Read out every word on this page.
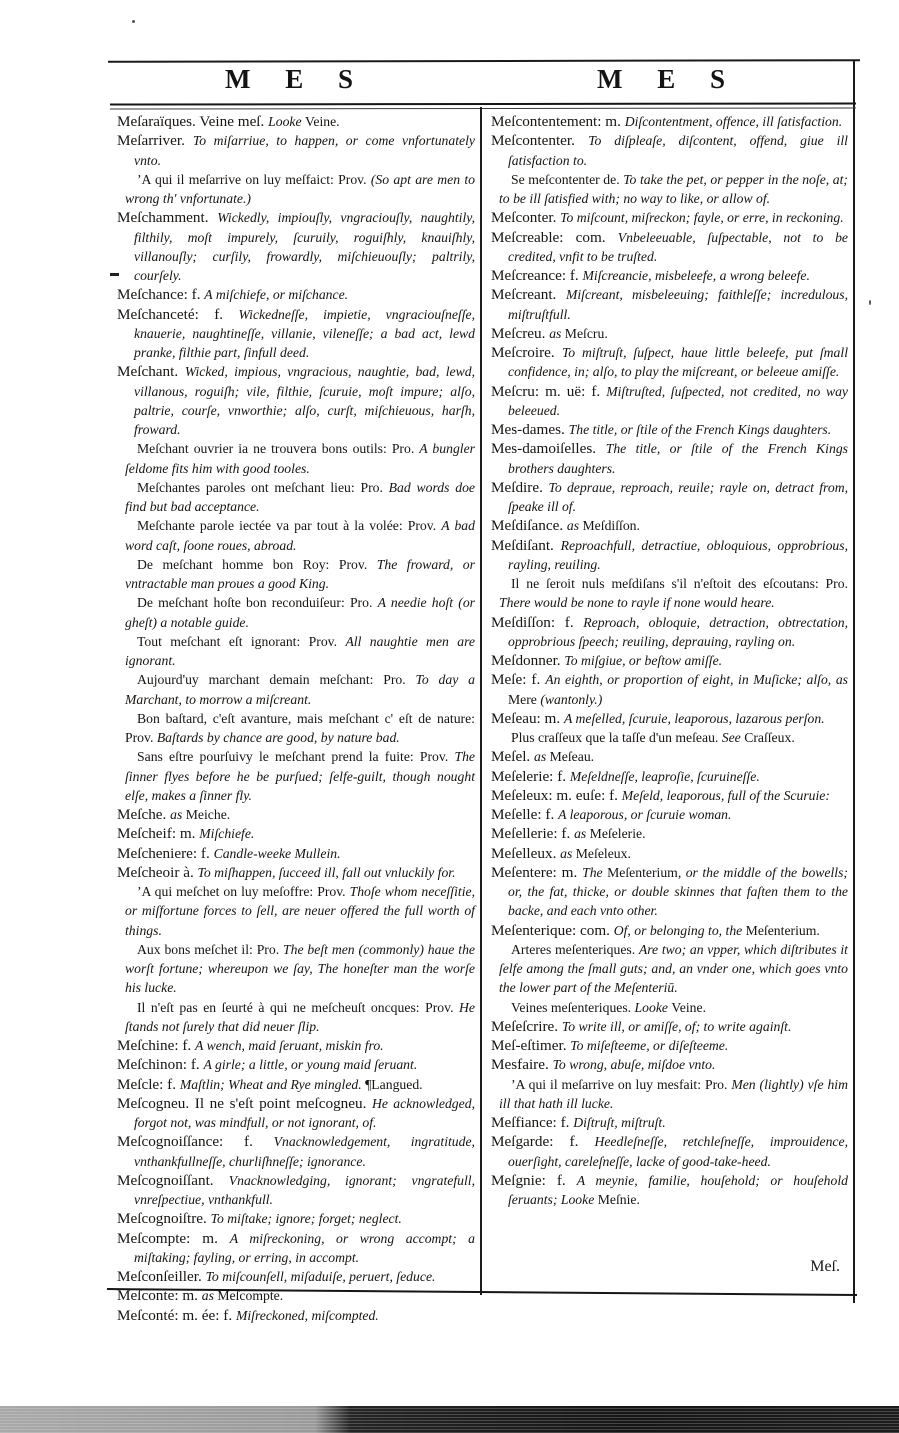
M E S	M E S

Meſaraïques. Veine meſ. Looke Veine.

Meſarriver. To miſarriue, to happen, or come vnfortunately vnto.

ʼA qui il meſarrive on luy meſfaict: Prov. (So apt are men to wrong th' vnfortunate.)

Meſchamment. Wickedly, impiouſly, vngraciouſly, naughtily, filthily, moſt impurely, ſcuruily, roguiſhly, knauiſhly, villanouſly; curſily, frowardly, miſchieuouſly; paltrily, courſely.

Meſchance: f. A miſchiefe, or miſchance.

Meſchanceté: f. Wickedneſſe, impietie, vngraciouſneſſe, knauerie, naughtineſſe, villanie, vileneſſe; a bad act, lewd pranke, filthie part, ſinfull deed.

Meſchant. Wicked, impious, vngracious, naughtie, bad, lewd, villanous, roguiſh; vile, filthie, ſcuruie, moſt impure; alſo, paltrie, courſe, vnworthie; alſo, curſt, miſchieuous, harſh, froward.

Meſchant ouvrier ia ne trouvera bons outils: Pro. A bungler ſeldome fits him with good tooles.

Meſchantes paroles ont meſchant lieu: Pro. Bad words doe find but bad acceptance.

Meſchante parole iectée va par tout à la volée: Prov. A bad word caſt, ſoone roues, abroad.

De meſchant homme bon Roy: Prov. The froward, or vntractable man proues a good King.

De meſchant hoſte bon reconduiſeur: Pro. A needie hoſt (or gheſt) a notable guide.

Tout meſchant eſt ignorant: Prov. All naughtie men are ignorant.

Aujourd'uy marchant demain meſchant: Pro. To day a Marchant, to morrow a miſcreant.

Bon baſtard, c'eſt avanture, mais meſchant c' eſt de nature: Prov. Baſtards by chance are good, by nature bad.

Sans eſtre pourſuivy le meſchant prend la fuite: Prov. The ſinner flyes before he be purſued; ſelfe-guilt, though nought elſe, makes a ſinner fly.

Meſche. as Meiche.

Meſcheif: m. Miſchiefe.

Meſcheniere: f. Candle-weeke Mullein.

Meſcheoir à. To miſhappen, ſucceed ill, fall out vnluckily for.

ʼA qui meſchet on luy meſoffre: Prov. Thoſe whom neceſſitie, or miſfortune forces to ſell, are neuer offered the full worth of things.

Aux bons meſchet il: Pro. The beſt men (commonly) haue the worſt fortune; whereupon we ſay, The honeſter man the worſe his lucke.

Il n'eſt pas en ſeurté à qui ne meſcheuſt oncques: Prov. He ſtands not ſurely that did neuer ſlip.

Meſchine: f. A wench, maid ſeruant, miskin fro.

Meſchinon: f. A girle; a little, or young maid ſeruant.

Meſcle: f. Maſtlin; Wheat and Rye mingled. ¶Langued.

Meſcogneu. Il ne s'eſt point meſcogneu. He acknowledged, forgot not, was mindfull, or not ignorant, of.

Meſcognoiſſance: f. Vnacknowledgement, ingratitude, vnthankfullneſſe, churliſhneſſe; ignorance.

Meſcognoiſſant. Vnacknowledging, ignorant; vngratefull, vnreſpectiue, vnthankfull.

Meſcognoiſtre. To miſtake; ignore; forget; neglect.

Meſcompte: m. A miſreckoning, or wrong accompt; a miſtaking; fayling, or erring, in accompt.

Meſconſeiller. To miſcounſell, miſaduiſe, peruert, ſeduce.

Meſconte: m. as Meſcompte.

Meſconté: m. ée: f. Miſreckoned, miſcompted.

Meſcontentement: m. Diſcontentment, offence, ill ſatisfaction.

Meſcontenter. To diſpleaſe, diſcontent, offend, giue ill ſatisfaction to.

Se meſcontenter de. To take the pet, or pepper in the noſe, at; to be ill ſatisfied with; no way to like, or allow of.

Meſconter. To miſcount, miſreckon; fayle, or erre, in reckoning.

Meſcreable: com. Vnbeleeuable, ſuſpectable, not to be credited, vnfit to be truſted.

Meſcreance: f. Miſcreancie, misbeleefe, a wrong beleefe.

Meſcreant. Miſcreant, misbeleeuing; faithleſſe; incredulous, miſtruſtfull.

Meſcreu. as Meſcru.

Meſcroire. To miſtruſt, ſuſpect, haue little beleefe, put ſmall confidence, in; alſo, to play the miſcreant, or beleeue amiſſe.

Meſcru: m. uë: f. Miſtruſted, ſuſpected, not credited, no way beleeued.

Mes-dames. The title, or ſtile of the French Kings daughters.

Mes-damoiſelles. The title, or ſtile of the French Kings brothers daughters.

Meſdire. To depraue, reproach, reuile; rayle on, detract from, ſpeake ill of.

Meſdiſance. as Meſdiſſon.

Meſdiſant. Reproachfull, detractiue, obloquious, opprobrious, rayling, reuiling.

Il ne ſeroit nuls meſdiſans s'il n'eſtoit des eſcoutans: Pro. There would be none to rayle if none would heare.

Meſdiſſon: f. Reproach, obloquie, detraction, obtrectation, opprobrious ſpeech; reuiling, deprauing, rayling on.

Meſdonner. To miſgiue, or beſtow amiſſe.

Meſe: f. An eighth, or proportion of eight, in Muſicke; alſo, as Mere (wantonly.)

Meſeau: m. A meſelled, ſcuruie, leaporous, lazarous perſon.

Plus craſſeux que la taſſe d'un meſeau. See Craſſeux.

Meſel. as Meſeau.

Meſelerie: f. Meſeldneſſe, leaproſie, ſcuruineſſe.

Meſeleux: m. euſe: f. Meſeld, leaporous, full of the Scuruie:

Meſelle: f. A leaporous, or ſcuruie woman.

Meſellerie: f. as Meſelerie.

Meſelleux. as Meſeleux.

Meſentere: m. The Meſenterium, or the middle of the bowells; or, the fat, thicke, or double skinnes that faſten them to the backe, and each vnto other.

Meſenterique: com. Of, or belonging to, the Meſenterium.

Arteres meſenteriques. Are two; an vpper, which diſtributes it ſelfe among the ſmall guts; and, an vnder one, which goes vnto the lower part of the Meſenteriū.

Veines meſenteriques. Looke Veine.

Meſeſcrire. To write ill, or amiſſe, of; to write againſt.

Meſ-eſtimer. To miſeſteeme, or diſeſteeme.

Mesfaire. To wrong, abuſe, miſdoe vnto.

ʼA qui il meſarrive on luy mesfait: Pro. Men (lightly) vſe him ill that hath ill lucke.

Meſfiance: f. Diſtruſt, miſtruſt.

Meſgarde: f. Heedleſneſſe, retchleſneſſe, improuidence, ouerſight, careleſneſſe, lacke of good-take-heed.

Meſgnie: f. A meynie, familie, houſehold; or houſehold ſeruants; Looke Meſnie.

Meſ.
